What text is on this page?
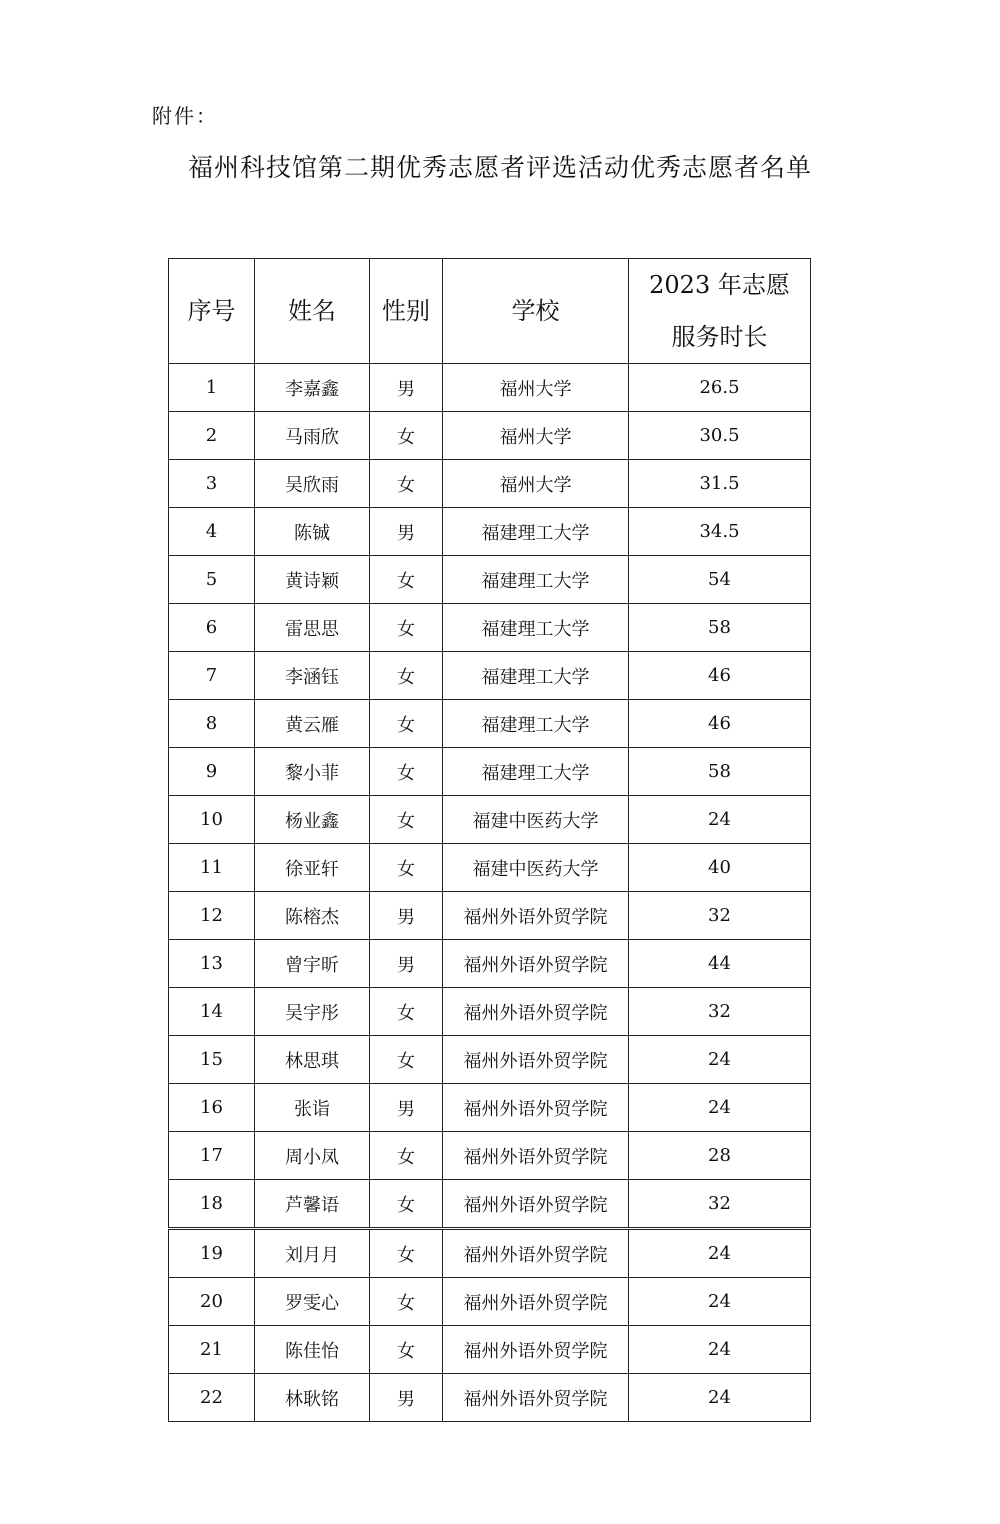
附件：
福州科技馆第二期优秀志愿者评选活动优秀志愿者名单
序号	姓名	性别	学校	2023 年志愿
服务时长

1	李嘉鑫	男	福州大学	26.5
2	马雨欣	女	福州大学	30.5
3	吴欣雨	女	福州大学	31.5
4	陈铖	男	福建理工大学	34.5
5	黄诗颖	女	福建理工大学	54
6	雷思思	女	福建理工大学	58
7	李涵钰	女	福建理工大学	46
8	黄云雁	女	福建理工大学	46
9	黎小菲	女	福建理工大学	58
10	杨业鑫	女	福建中医药大学	24
11	徐亚轩	女	福建中医药大学	40
12	陈榕杰	男	福州外语外贸学院	32
13	曾宇昕	男	福州外语外贸学院	44
14	吴宇彤	女	福州外语外贸学院	32
15	林思琪	女	福州外语外贸学院	24
16	张诣	男	福州外语外贸学院	24
17	周小凤	女	福州外语外贸学院	28
18	芦馨语	女	福州外语外贸学院	32
19	刘月月	女	福州外语外贸学院	24
20	罗雯心	女	福州外语外贸学院	24
21	陈佳怡	女	福州外语外贸学院	24
22	林耿铭	男	福州外语外贸学院	24
